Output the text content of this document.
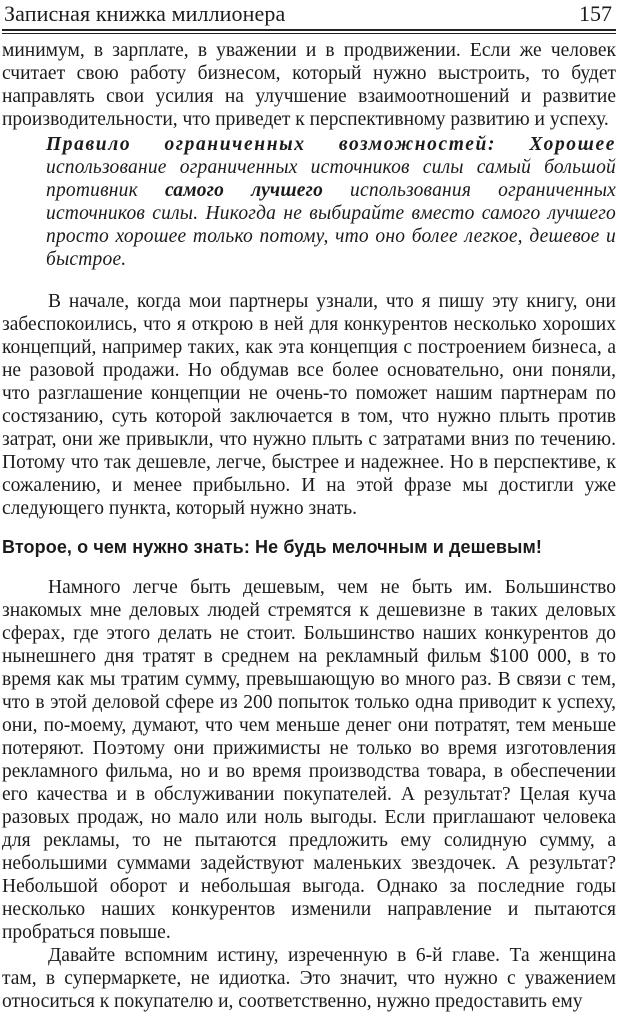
Записная книжка миллионера	157

минимум, в зарплате, в уважении и в продвижении. Если же человек считает свою работу бизнесом, который нужно выстроить, то будет направлять свои усилия на улучшение взаимоотношений и развитие производительности, что приведет к перспективному развитию и успеху.

Правило ограниченных возможностей: Хорошее использование ограниченных источников силы самый большой противник самого лучшего использования ограниченных источников силы. Никогда не выбирайте вместо самого лучшего просто хорошее только потому, что оно более легкое, дешевое и быстрое.

В начале, когда мои партнеры узнали, что я пишу эту книгу, они забеспокоились, что я открою в ней для конкурентов несколько хороших концепций, например таких, как эта концепция с построением бизнеса, а не разовой продажи. Но обдумав все более основательно, они поняли, что разглашение концепции не очень-то поможет нашим партнерам по состязанию, суть которой заключается в том, что нужно плыть против затрат, они же привыкли, что нужно плыть с затратами вниз по течению. Потому что так дешевле, легче, быстрее и надежнее. Но в перспективе, к сожалению, и менее прибыльно. И на этой фразе мы достигли уже следующего пункта, который нужно знать.

Второе, о чем нужно знать: Не будь мелочным и дешевым!

Намного легче быть дешевым, чем не быть им. Большинство знакомых мне деловых людей стремятся к дешевизне в таких деловых сферах, где этого делать не стоит. Большинство наших конкурентов до нынешнего дня тратят в среднем на рекламный фильм $100 000, в то время как мы тратим сумму, превышающую во много раз. В связи с тем, что в этой деловой сфере из 200 попыток только одна приводит к успеху, они, по-моему, думают, что чем меньше денег они потратят, тем меньше потеряют. Поэтому они прижимисты не только во время изготовления рекламного фильма, но и во время производства товара, в обеспечении его качества и в обслуживании покупателей. А результат? Целая куча разовых продаж, но мало или ноль выгоды. Если приглашают человека для рекламы, то не пытаются предложить ему солидную сумму, а небольшими суммами задействуют маленьких звездочек. А результат? Небольшой оборот и небольшая выгода. Однако за последние годы несколько наших конкурентов изменили направление и пытаются пробраться повыше.

Давайте вспомним истину, изреченную в 6-й главе. Та женщина там, в супермаркете, не идиотка. Это значит, что нужно с уважением относиться к покупателю и, соответственно, нужно предоставить ему
